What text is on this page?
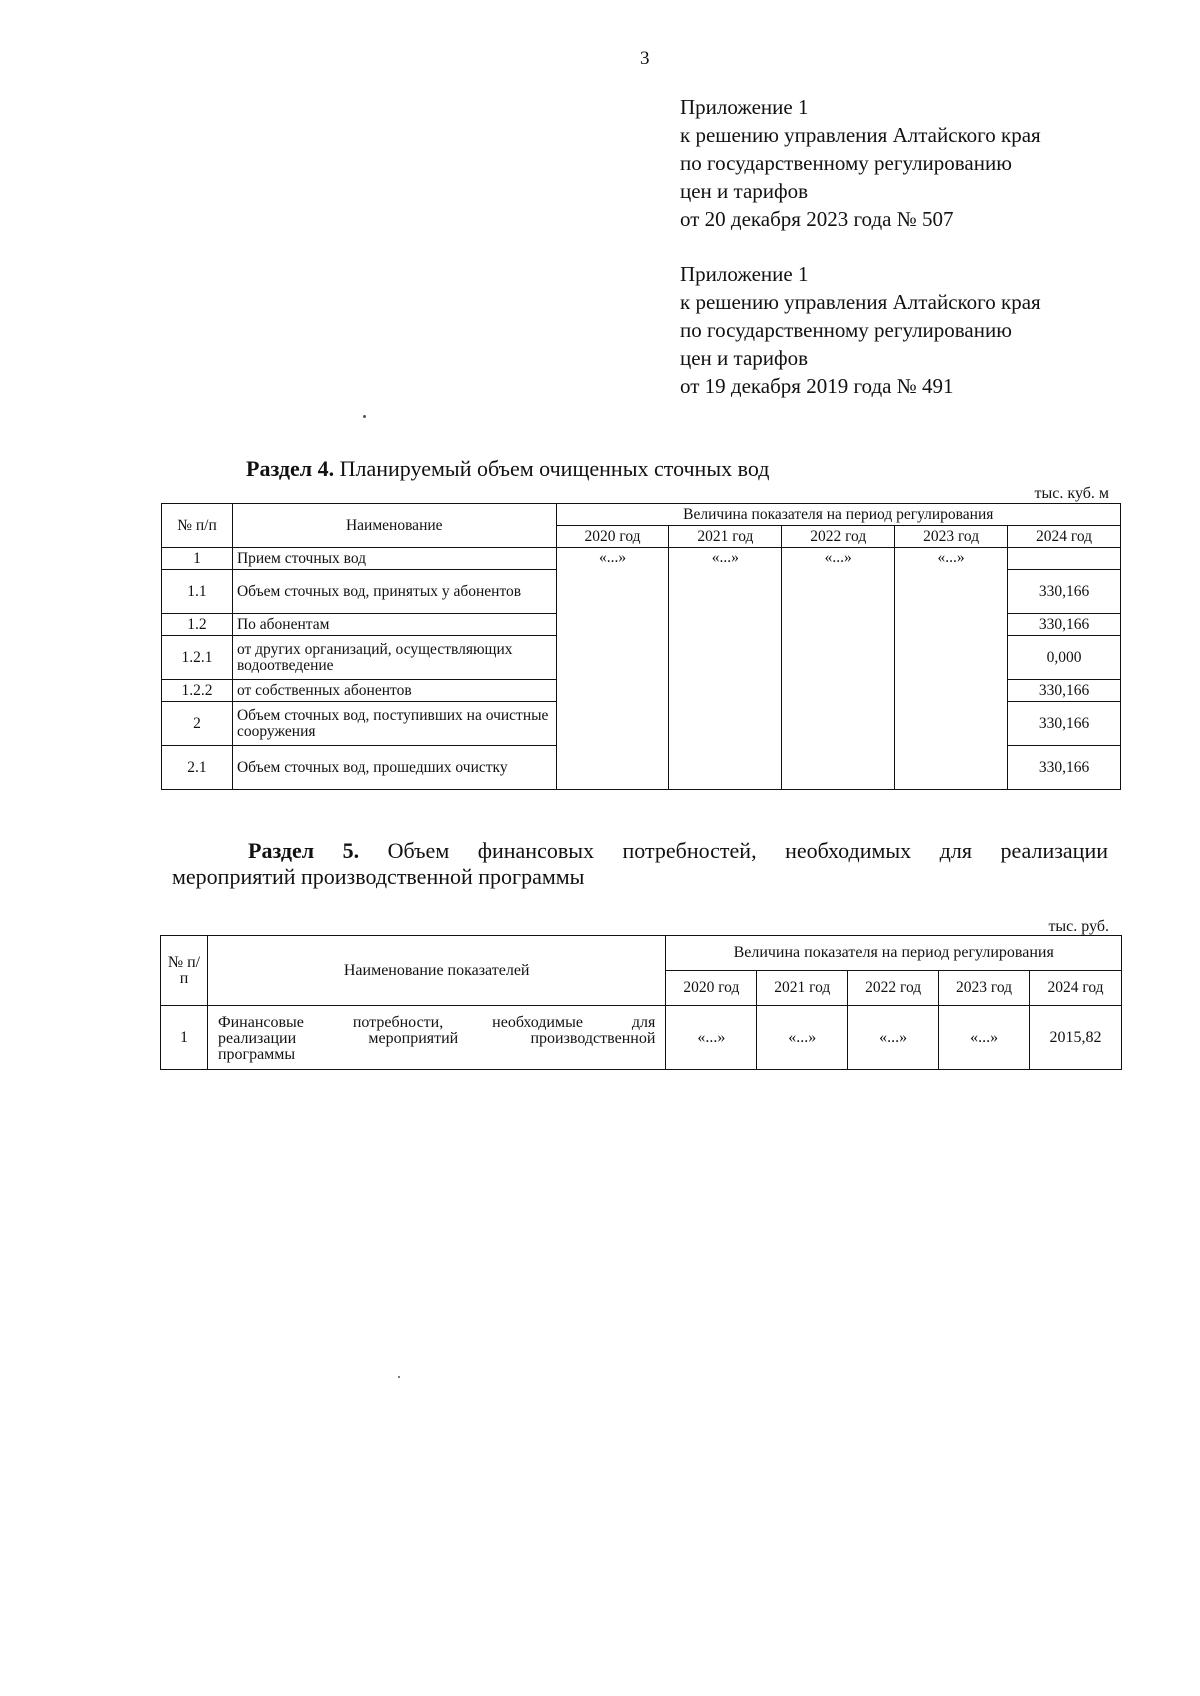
3
Приложение 1
к решению управления Алтайского края
по государственному регулированию
цен и тарифов
от 20 декабря 2023 года № 507
Приложение 1
к решению управления Алтайского края
по государственному регулированию
цен и тарифов
от 19 декабря 2019 года № 491
Раздел 4. Планируемый объем очищенных сточных вод
тыс. куб. м
№ п/п	Наименование	Величина показателя на период регулирования				
		2020 год	2021 год	2022 год	2023 год	2024 год
1	Прием сточных вод	«...»	«...»	«...»	«...»	
1.1	Объем сточных вод, принятых у абонентов					330,166
1.2	По абонентам					330,166
1.2.1	от других организаций, осуществляющих водоотведение					0,000
1.2.2	от собственных абонентов					330,166
2	Объем сточных вод, поступивших на очистные сооружения					330,166
2.1	Объем сточных вод, прошедших очистку					330,166
Раздел 5. Объем финансовых потребностей, необходимых для реализации
мероприятий производственной программы
тыс. руб.
№ п/п	Наименование показателей	Величина показателя на период регулирования				
		2020 год	2021 год	2022 год	2023 год	2024 год
1	Финансовые потребности, необходимые для
реализации мероприятий производственной
программы	«...»	«...»	«...»	«...»	2015,82
